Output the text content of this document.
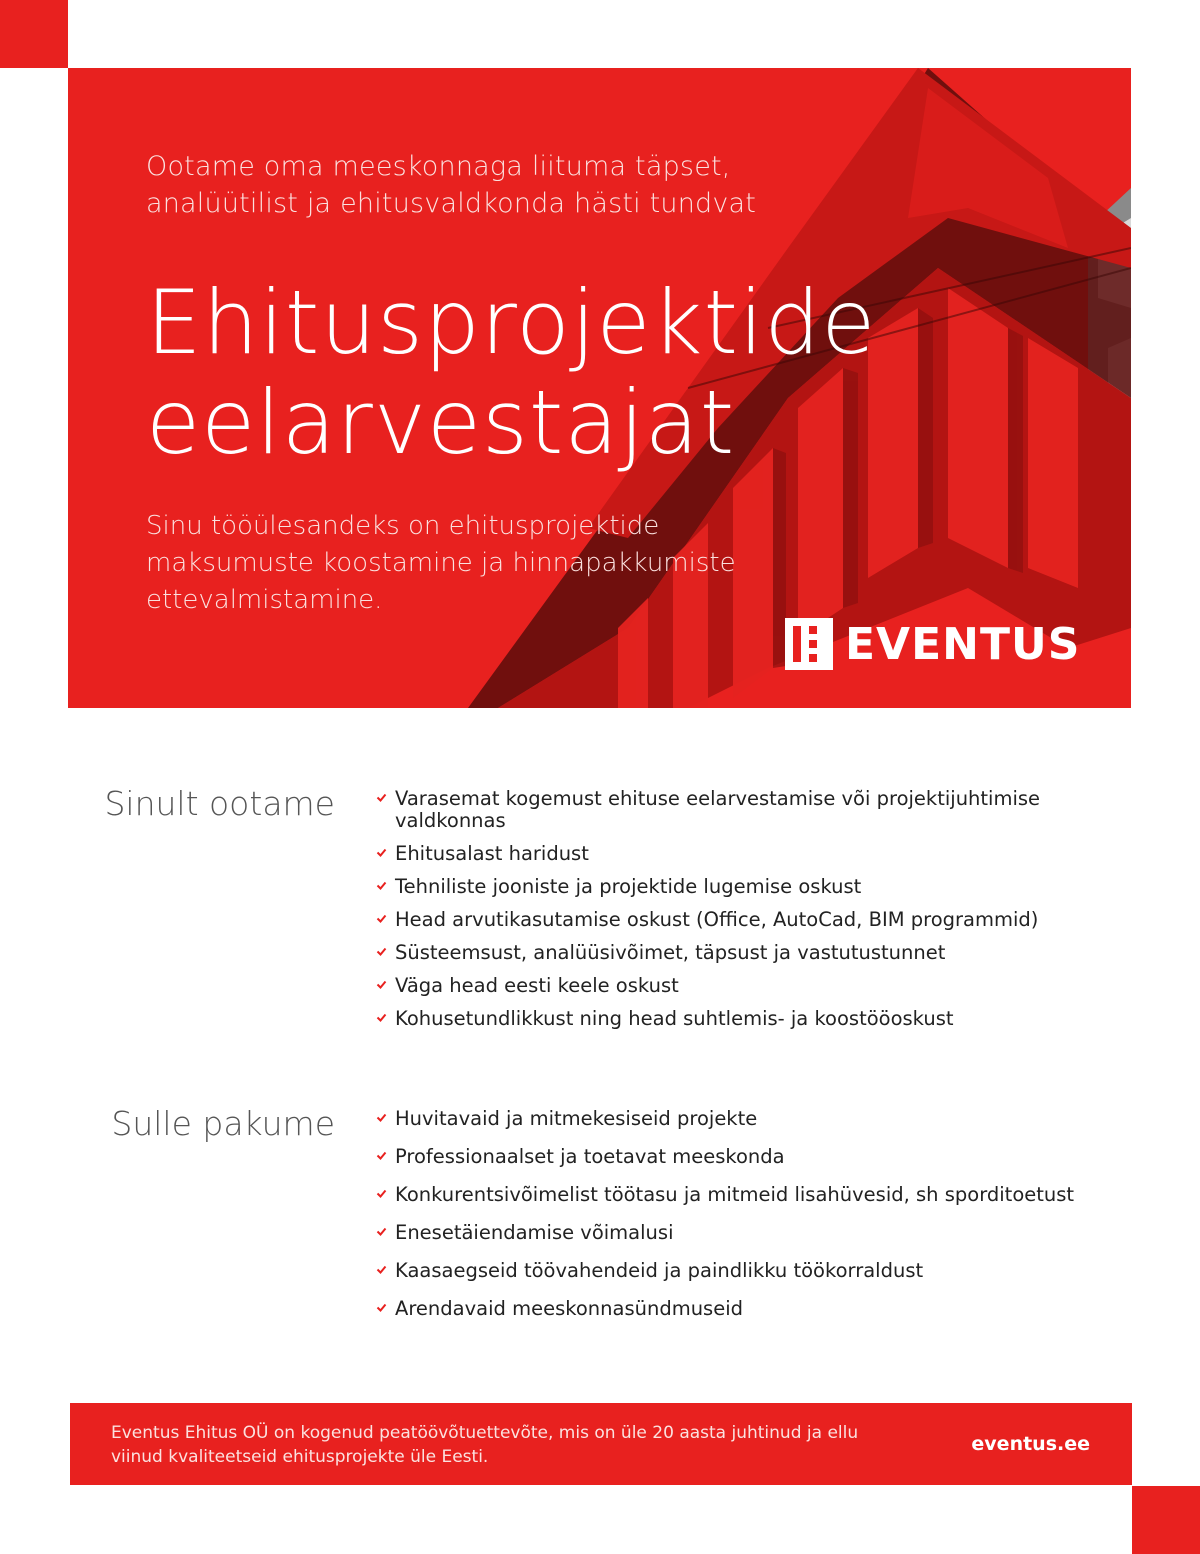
Ootame oma meeskonnaga liituma täpset, analüütilist ja ehitusvaldkonda hästi tundvat
Ehitusprojektide
eelarvestajat
Sinu tööülesandeks on ehitusprojektide maksumuste koostamine ja hinnapakkumiste ettevalmistamine.
EVENTUS
Sinult ootame	Varasemat kogemust ehituse eelarvestamise või projektijuhtimise valdkonnas
Ehitusalast haridust
Tehniliste jooniste ja projektide lugemise oskust
Head arvutikasutamise oskust (Office, AutoCad, BIM programmid)
Süsteemsust, analüüsivõimet, täpsust ja vastutustunnet
Väga head eesti keele oskust
Kohusetundlikkust ning head suhtlemis- ja koostööoskust
Sulle pakume	Huvitavaid ja mitmekesiseid projekte
Professionaalset ja toetavat meeskonda
Konkurentsivõimelist töötasu ja mitmeid lisahüvesid, sh sporditoetust
Enesetäiendamise võimalusi
Kaasaegseid töövahendeid ja paindlikku töökorraldust
Arendavaid meeskonnasündmuseid
Eventus Ehitus OÜ on kogenud peatöövõtuettevõte, mis on üle 20 aasta juhtinud ja ellu viinud kvaliteetseid ehitusprojekte üle Eesti.
eventus.ee
